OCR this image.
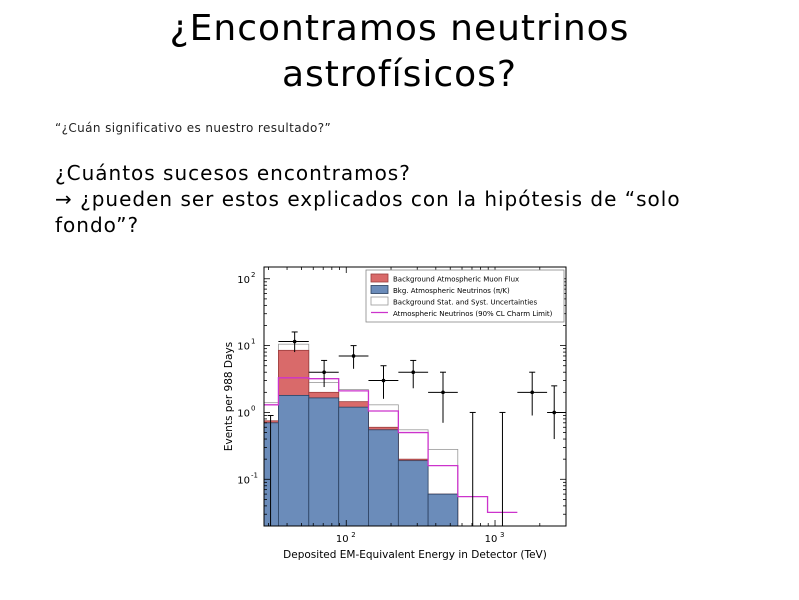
¿Encontramos neutrinos
astrofísicos?
“¿Cuán significativo es nuestro resultado?”
¿Cuántos sucesos encontramos?
→ ¿pueden ser estos explicados con la hipótesis de “solo
fondo”?
10 2	10 3
10 -1
10 0
10 1
10 2
Deposited EM-Equivalent Energy in Detector (TeV)
Events per 988 Days
Background Atmospheric Muon Flux
Bkg. Atmospheric Neutrinos (π/K)
Background Stat. and Syst. Uncertainties
Atmospheric Neutrinos (90% CL Charm Limit)
